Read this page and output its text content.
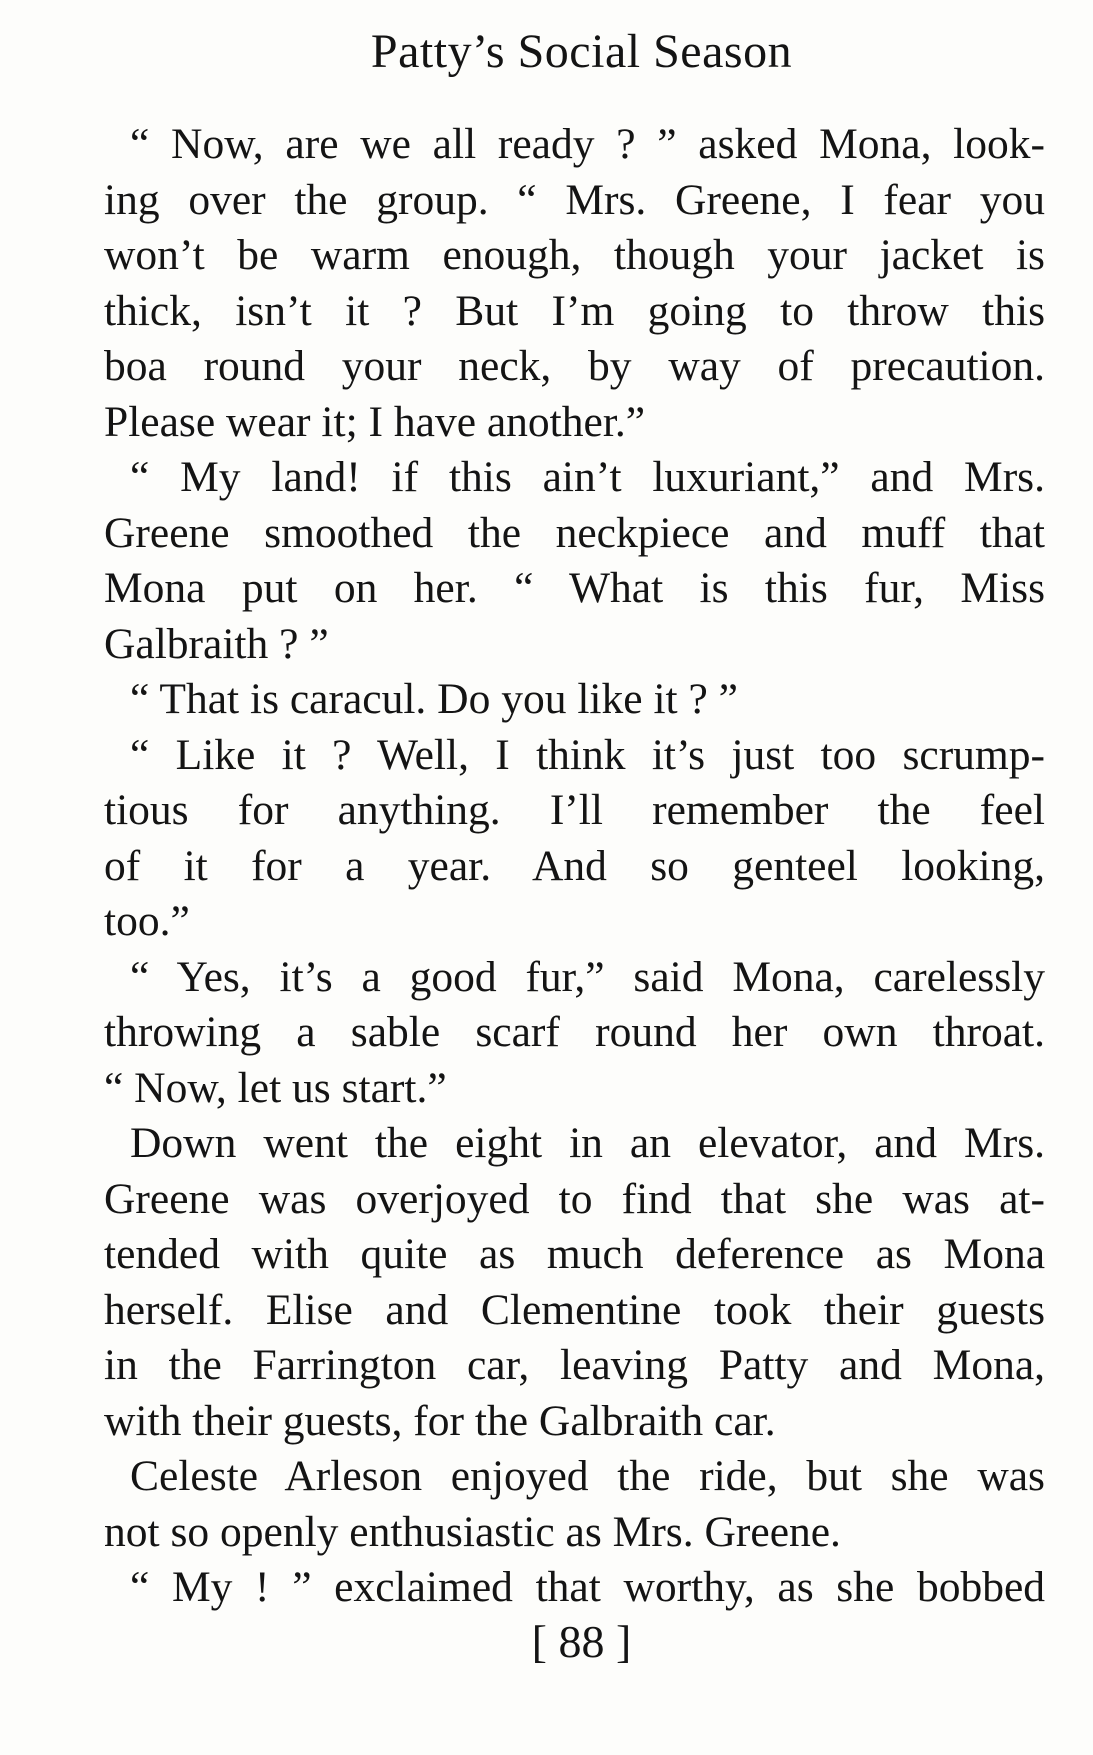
Patty’s Social Season
“ Now, are we all ready ? ” asked Mona, look-
ing over the group. “ Mrs. Greene, I fear you
won’t be warm enough, though your jacket is
thick, isn’t it ? But I’m going to throw this
boa round your neck, by way of precaution.
Please wear it; I have another.”
“ My land! if this ain’t luxuriant,” and Mrs.
Greene smoothed the neckpiece and muff that
Mona put on her. “ What is this fur, Miss
Galbraith ? ”
“ That is caracul. Do you like it ? ”
“ Like it ? Well, I think it’s just too scrump-
tious for anything. I’ll remember the feel
of it for a year. And so genteel looking,
too.”
“ Yes, it’s a good fur,” said Mona, carelessly
throwing a sable scarf round her own throat.
“ Now, let us start.”
Down went the eight in an elevator, and Mrs.
Greene was overjoyed to find that she was at-
tended with quite as much deference as Mona
herself. Elise and Clementine took their guests
in the Farrington car, leaving Patty and Mona,
with their guests, for the Galbraith car.
Celeste Arleson enjoyed the ride, but she was
not so openly enthusiastic as Mrs. Greene.
“ My ! ” exclaimed that worthy, as she bobbed
[ 88 ]
